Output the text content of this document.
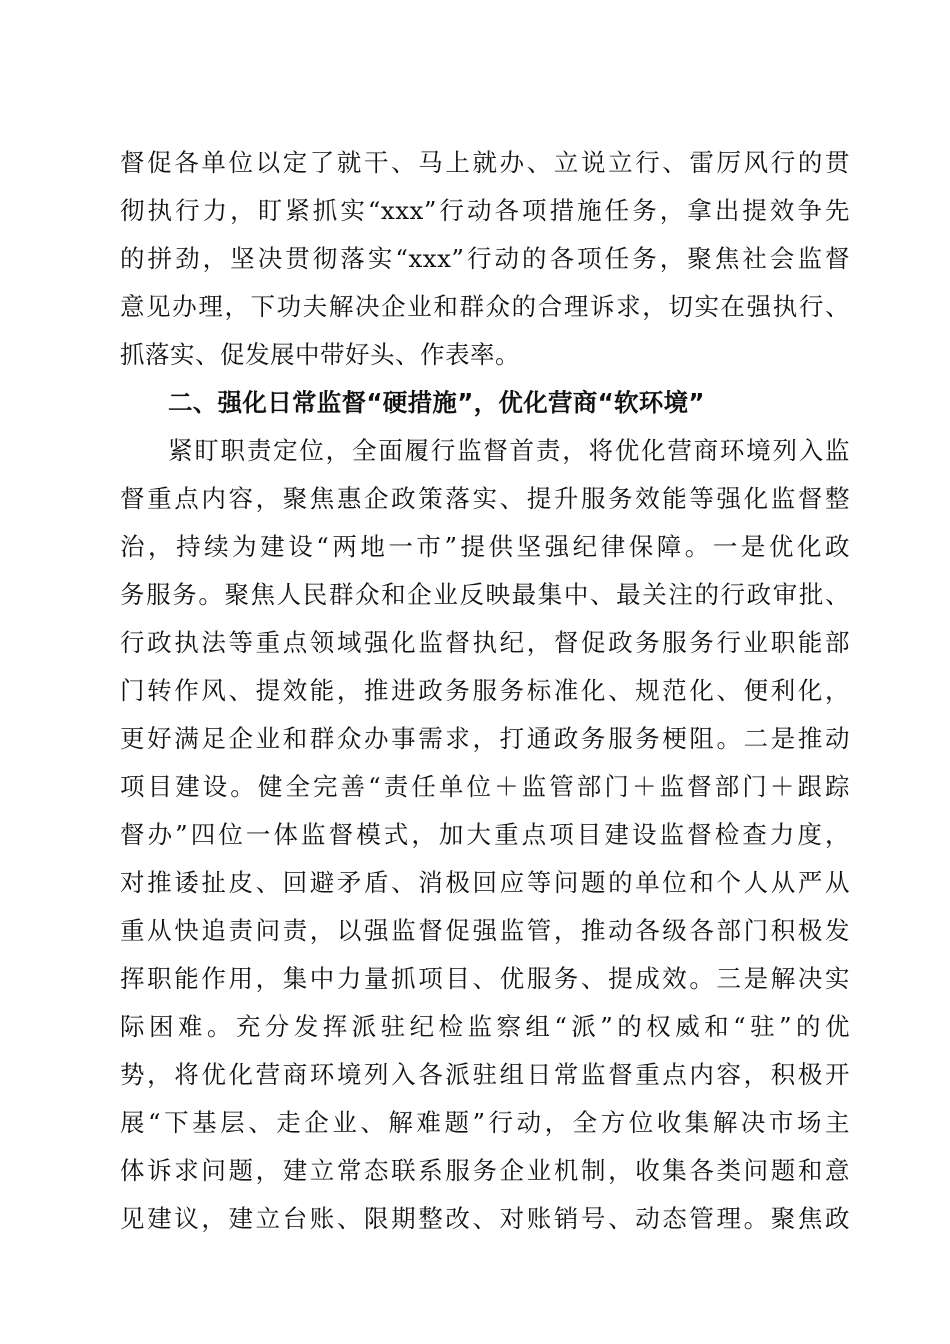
督促各单位以定了就干、马上就办、立说立行、雷厉风行的贯
彻执行力，盯紧抓实“xxx”行动各项措施任务，拿出提效争先
的拼劲，坚决贯彻落实“xxx”行动的各项任务，聚焦社会监督
意见办理，下功夫解决企业和群众的合理诉求，切实在强执行、
抓落实、促发展中带好头、作表率。
二、强化日常监督“硬措施”，优化营商“软环境”
紧盯职责定位，全面履行监督首责，将优化营商环境列入监
督重点内容，聚焦惠企政策落实、提升服务效能等强化监督整
治，持续为建设“两地一市”提供坚强纪律保障。一是优化政
务服务。聚焦人民群众和企业反映最集中、最关注的行政审批、
行政执法等重点领域强化监督执纪，督促政务服务行业职能部
门转作风、提效能，推进政务服务标准化、规范化、便利化，
更好满足企业和群众办事需求，打通政务服务梗阻。二是推动
项目建设。健全完善“责任单位＋监管部门＋监督部门＋跟踪
督办”四位一体监督模式，加大重点项目建设监督检查力度，
对推诿扯皮、回避矛盾、消极回应等问题的单位和个人从严从
重从快追责问责，以强监督促强监管，推动各级各部门积极发
挥职能作用，集中力量抓项目、优服务、提成效。三是解决实
际困难。充分发挥派驻纪检监察组“派”的权威和“驻”的优
势，将优化营商环境列入各派驻组日常监督重点内容，积极开
展“下基层、走企业、解难题”行动，全方位收集解决市场主
体诉求问题，建立常态联系服务企业机制，收集各类问题和意
见建议，建立台账、限期整改、对账销号、动态管理。聚焦政
